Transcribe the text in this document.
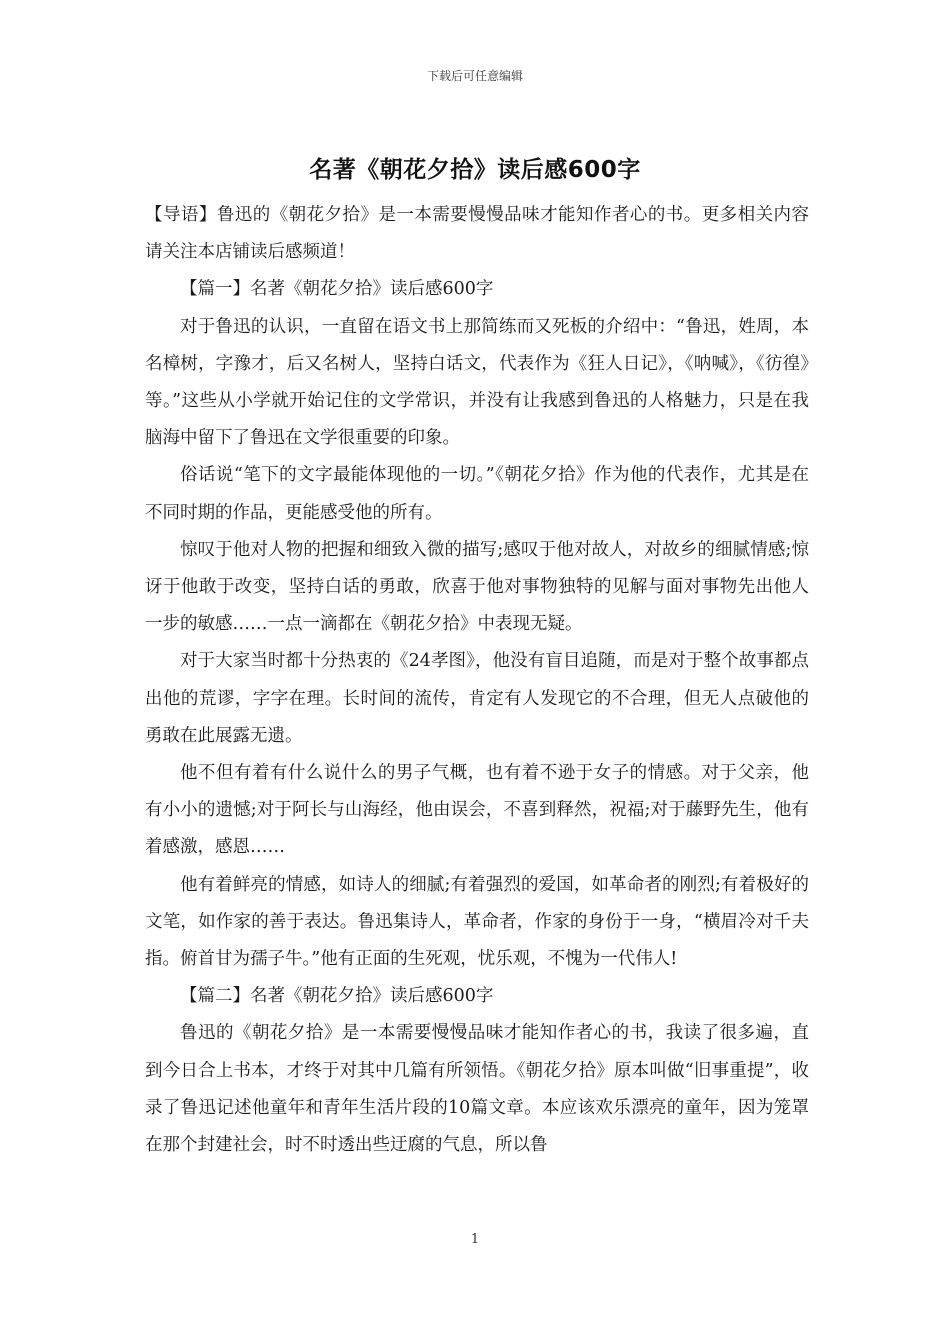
下载后可任意编辑
名著《朝花夕拾》读后感600字

【导语】鲁迅的《朝花夕拾》是一本需要慢慢品味才能知作者心的书。更多相关内容请关注本店铺读后感频道！

【篇一】名著《朝花夕拾》读后感600字

对于鲁迅的认识，一直留在语文书上那简练而又死板的介绍中：“鲁迅，姓周，本名樟树，字豫才，后又名树人，坚持白话文，代表作为《狂人日记》，《呐喊》，《彷徨》等。”这些从小学就开始记住的文学常识，并没有让我感到鲁迅的人格魅力，只是在我脑海中留下了鲁迅在文学很重要的印象。

俗话说“笔下的文字最能体现他的一切。”《朝花夕拾》作为他的代表作，尤其是在不同时期的作品，更能感受他的所有。

惊叹于他对人物的把握和细致入微的描写;感叹于他对故人，对故乡的细腻情感;惊讶于他敢于改变，坚持白话的勇敢，欣喜于他对事物独特的见解与面对事物先出他人一步的敏感……一点一滴都在《朝花夕拾》中表现无疑。

对于大家当时都十分热衷的《24孝图》，他没有盲目追随，而是对于整个故事都点出他的荒谬，字字在理。长时间的流传，肯定有人发现它的不合理，但无人点破他的勇敢在此展露无遗。

他不但有着有什么说什么的男子气概，也有着不逊于女子的情感。对于父亲，他有小小的遗憾;对于阿长与山海经，他由误会，不喜到释然，祝福;对于藤野先生，他有着感激，感恩……

他有着鲜亮的情感，如诗人的细腻;有着强烈的爱国，如革命者的刚烈;有着极好的文笔，如作家的善于表达。鲁迅集诗人，革命者，作家的身份于一身，“横眉冷对千夫指。俯首甘为孺子牛。”他有正面的生死观，忧乐观，不愧为一代伟人!

【篇二】名著《朝花夕拾》读后感600字

鲁迅的《朝花夕拾》是一本需要慢慢品味才能知作者心的书，我读了很多遍，直到今日合上书本，才终于对其中几篇有所领悟。《朝花夕拾》原本叫做“旧事重提”，收录了鲁迅记述他童年和青年生活片段的10篇文章。本应该欢乐漂亮的童年，因为笼罩在那个封建社会，时不时透出些迂腐的气息，所以鲁

1
